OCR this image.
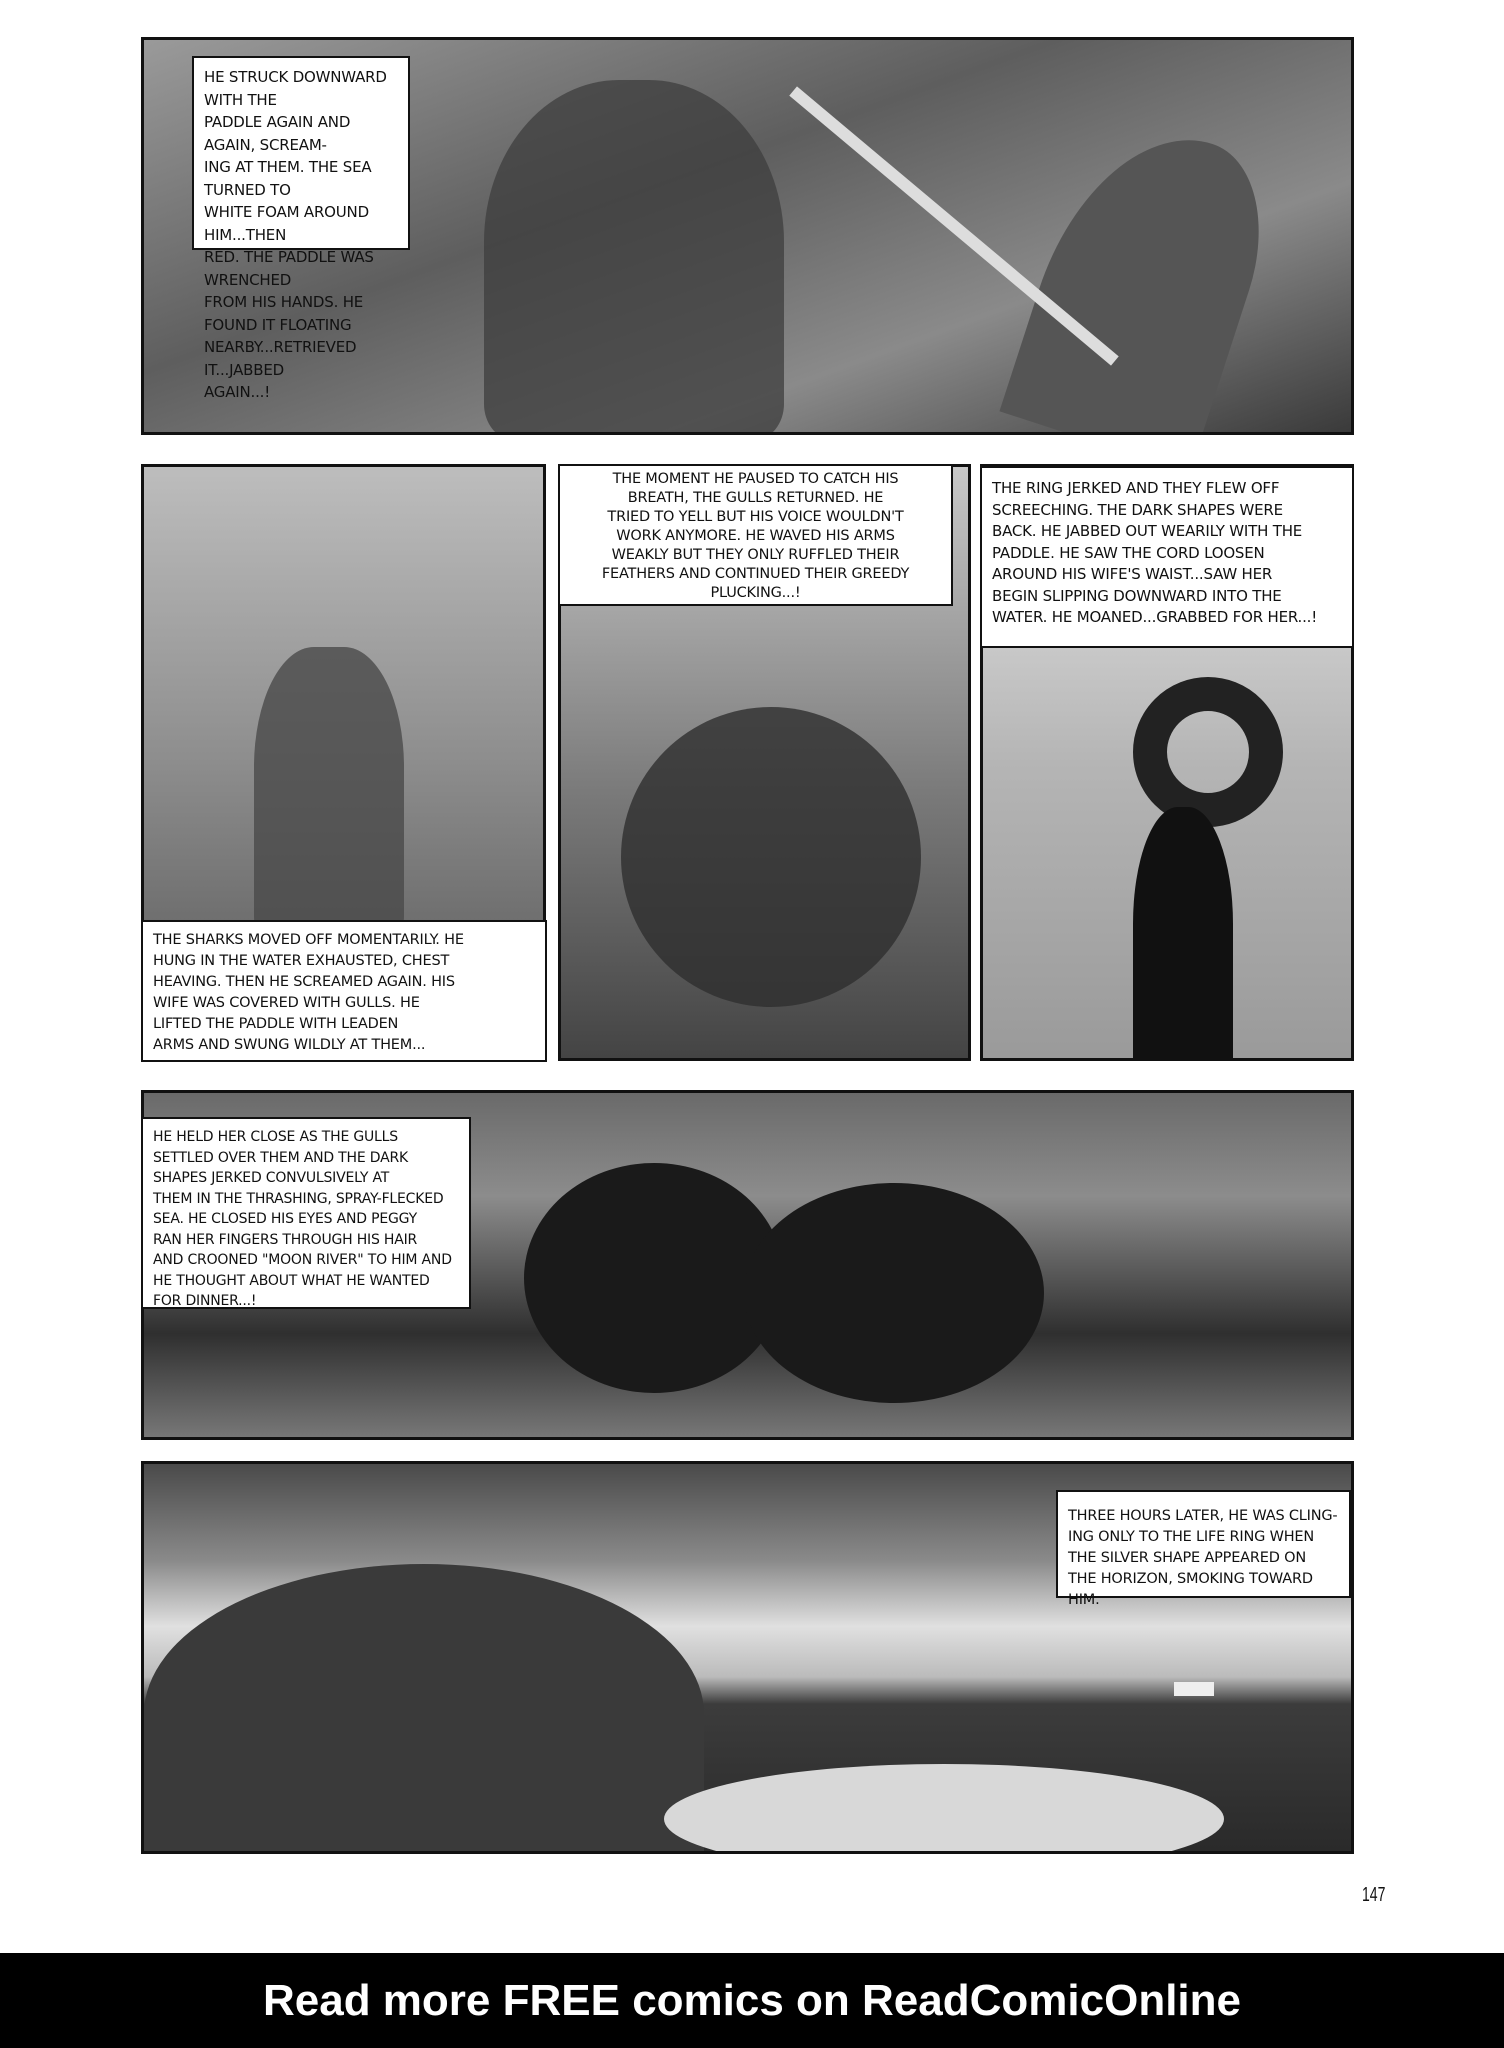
HE STRUCK DOWNWARD WITH THE
PADDLE AGAIN AND AGAIN, SCREAM-
ING AT THEM. THE SEA TURNED TO
WHITE FOAM AROUND HIM...THEN
RED. THE PADDLE WAS WRENCHED
FROM HIS HANDS. HE FOUND IT FLOATING
NEARBY...RETRIEVED IT...JABBED
AGAIN...!
THE MOMENT HE PAUSED TO CATCH HIS
BREATH, THE GULLS RETURNED. HE
TRIED TO YELL BUT HIS VOICE WOULDN'T
WORK ANYMORE. HE WAVED HIS ARMS
WEAKLY BUT THEY ONLY RUFFLED THEIR
FEATHERS AND CONTINUED THEIR GREEDY
PLUCKING...!
THE RING JERKED AND THEY FLEW OFF
SCREECHING. THE DARK SHAPES WERE
BACK. HE JABBED OUT WEARILY WITH THE
PADDLE. HE SAW THE CORD LOOSEN
AROUND HIS WIFE'S WAIST...SAW HER
BEGIN SLIPPING DOWNWARD INTO THE
WATER. HE MOANED...GRABBED FOR HER...!
THE SHARKS MOVED OFF MOMENTARILY. HE
HUNG IN THE WATER EXHAUSTED, CHEST
HEAVING. THEN HE SCREAMED AGAIN. HIS
WIFE WAS COVERED WITH GULLS. HE
LIFTED THE PADDLE WITH LEADEN
ARMS AND SWUNG WILDLY AT THEM...
HE HELD HER CLOSE AS THE GULLS
SETTLED OVER THEM AND THE DARK
SHAPES JERKED CONVULSIVELY AT
THEM IN THE THRASHING, SPRAY-FLECKED
SEA. HE CLOSED HIS EYES AND PEGGY
RAN HER FINGERS THROUGH HIS HAIR
AND CROONED "MOON RIVER" TO HIM AND
HE THOUGHT ABOUT WHAT HE WANTED
FOR DINNER...!
THREE HOURS LATER, HE WAS CLING-
ING ONLY TO THE LIFE RING WHEN
THE SILVER SHAPE APPEARED ON
THE HORIZON, SMOKING TOWARD HIM.
147
Read more FREE comics on ReadComicOnline
